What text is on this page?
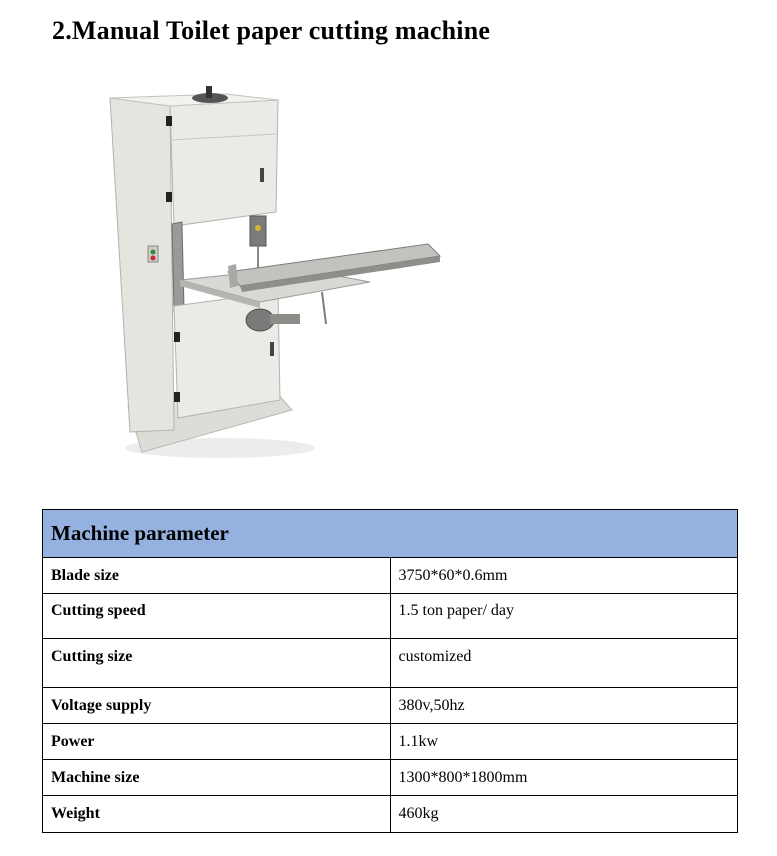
2.Manual Toilet paper cutting machine
Machine parameter	
Blade size	3750*60*0.6mm
Cutting speed	1.5 ton paper/ day
Cutting size	customized
Voltage supply	380v,50hz
Power	1.1kw
Machine size	1300*800*1800mm
Weight	460kg
